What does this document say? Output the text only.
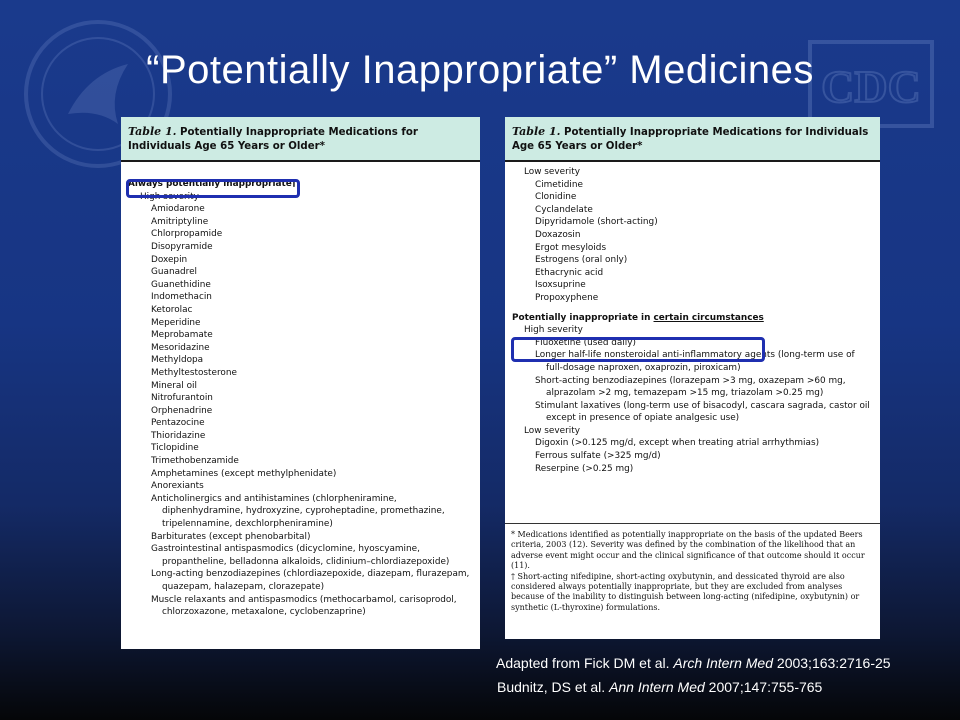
CDC
“Potentially Inappropriate” Medicines
Table 1. Potentially Inappropriate Medications for Individuals Age 65 Years or Older*
Always potentially inappropriate†
High severity
Amiodarone
Amitriptyline
Chlorpropamide
Disopyramide
Doxepin
Guanadrel
Guanethidine
Indomethacin
Ketorolac
Meperidine
Meprobamate
Mesoridazine
Methyldopa
Methyltestosterone
Mineral oil
Nitrofurantoin
Orphenadrine
Pentazocine
Thioridazine
Ticlopidine
Trimethobenzamide
Amphetamines (except methylphenidate)
Anorexiants
Anticholinergics and antihistamines (chlorpheniramine, diphenhydramine, hydroxyzine, cyproheptadine, promethazine, tripelennamine, dexchlorpheniramine)
Barbiturates (except phenobarbital)
Gastrointestinal antispasmodics (dicyclomine, hyoscyamine, propantheline, belladonna alkaloids, clidinium–chlordiazepoxide)
Long-acting benzodiazepines (chlordiazepoxide, diazepam, flurazepam, quazepam, halazepam, clorazepate)
Muscle relaxants and antispasmodics (methocarbamol, carisoprodol, chlorzoxazone, metaxalone, cyclobenzaprine)
Table 1. Potentially Inappropriate Medications for Individuals Age 65 Years or Older*
Low severity
Cimetidine
Clonidine
Cyclandelate
Dipyridamole (short-acting)
Doxazosin
Ergot mesyloids
Estrogens (oral only)
Ethacrynic acid
Isoxsuprine
Propoxyphene
Potentially inappropriate in certain circumstances
High severity
Fluoxetine (used daily)
Longer half-life nonsteroidal anti-inflammatory agents (long-term use of full-dosage naproxen, oxaprozin, piroxicam)
Short-acting benzodiazepines (lorazepam >3 mg, oxazepam >60 mg, alprazolam >2 mg, temazepam >15 mg, triazolam >0.25 mg)
Stimulant laxatives (long-term use of bisacodyl, cascara sagrada, castor oil except in presence of opiate analgesic use)
Low severity
Digoxin (>0.125 mg/d, except when treating atrial arrhythmias)
Ferrous sulfate (>325 mg/d)
Reserpine (>0.25 mg)
* Medications identified as potentially inappropriate on the basis of the updated Beers criteria, 2003 (12). Severity was defined by the combination of the likelihood that an adverse event might occur and the clinical significance of that outcome should it occur (11).
† Short-acting nifedipine, short-acting oxybutynin, and dessicated thyroid are also considered always potentially inappropriate, but they are excluded from analyses because of the inability to distinguish between long-acting (nifedipine, oxybutynin) or synthetic (L-thyroxine) formulations.
Adapted from Fick DM et al. Arch Intern Med 2003;163:2716-25
Budnitz, DS et al. Ann Intern Med 2007;147:755-765
